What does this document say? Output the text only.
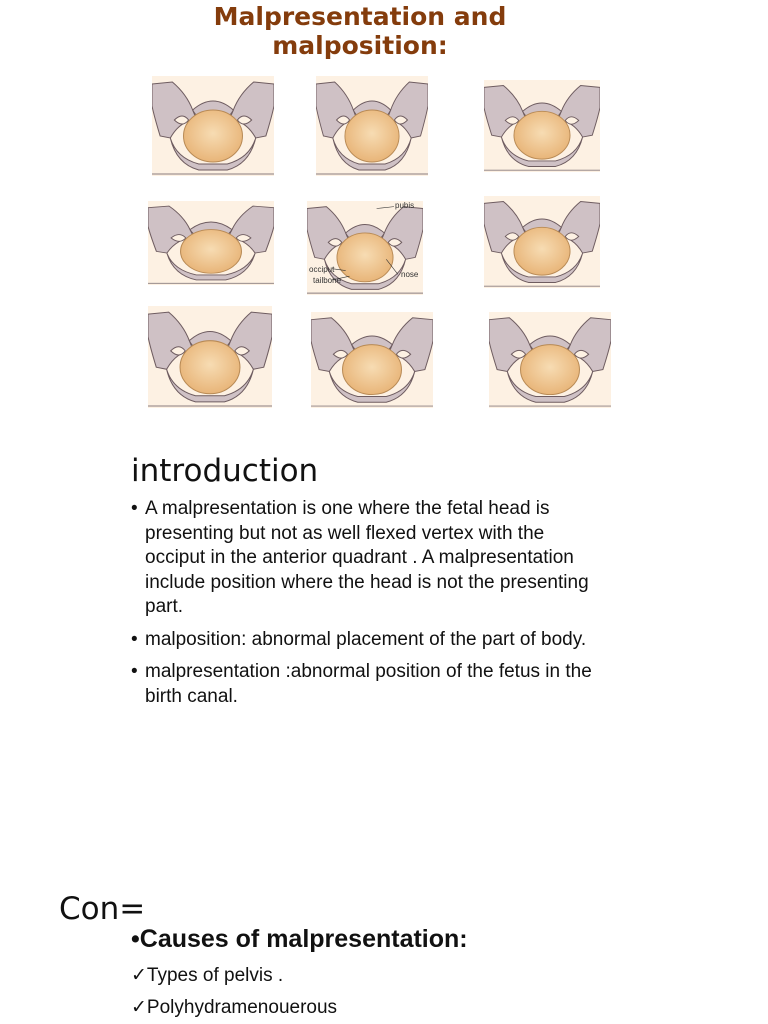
Malpresentation and
malposition:
pubis
occiput
tailbone
nose
introduction
• A malpresentation is one where the fetal head is presenting but not as well flexed vertex with the occiput in the anterior quadrant . A malpresentation include position where the head is not the presenting part.
• malposition: abnormal placement of the part of body.
• malpresentation :abnormal position of the fetus in the birth canal.
Con=
•Causes of malpresentation:
✓Types of pelvis .
✓Polyhydramenouerous
